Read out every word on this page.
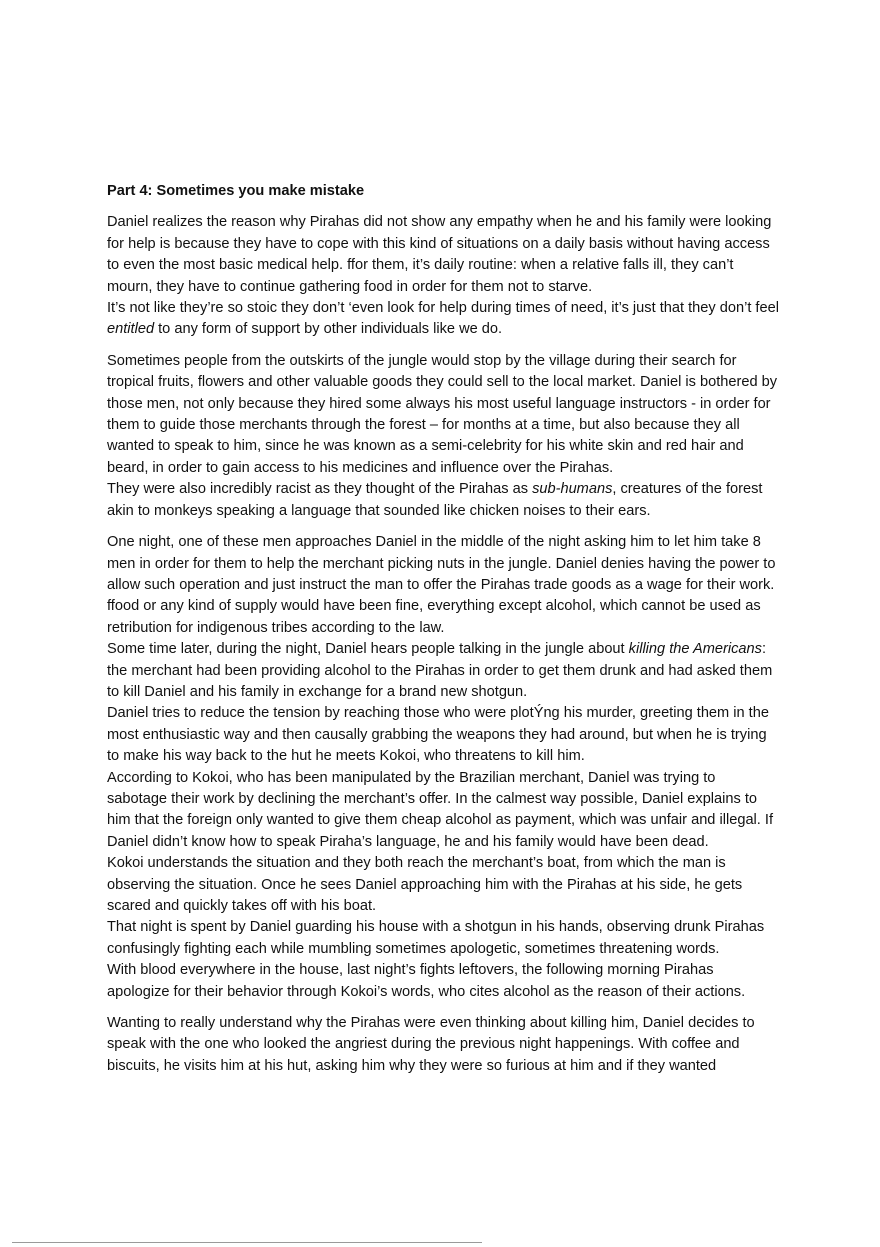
Part 4: Sometimes you make mistake

Daniel realizes the reason why Pirahas did not show any empathy when he and his family were looking for help is because they have to cope with this kind of situations on a daily basis without having access to even the most basic medical help. ffor them, it’s daily routine: when a relative falls ill, they can’t mourn, they have to continue gathering food in order for them not to starve.
It’s not like they’re so stoic they don’t ‘even look for help during times of need, it’s just that they don’t feel entitled to any form of support by other individuals like we do.

Sometimes people from the outskirts of the jungle would stop by the village during their search for tropical fruits, flowers and other valuable goods they could sell to the local market. Daniel is bothered by those men, not only because they hired some always his most useful language instructors - in order for them to guide those merchants through the forest – for months at a time, but also because they all wanted to speak to him, since he was known as a semi-celebrity for his white skin and red hair and beard, in order to gain access to his medicines and influence over the Pirahas.
They were also incredibly racist as they thought of the Pirahas as sub-humans, creatures of the forest akin to monkeys speaking a language that sounded like chicken noises to their ears.

One night, one of these men approaches Daniel in the middle of the night asking him to let him take 8 men in order for them to help the merchant picking nuts in the jungle. Daniel denies having the power to allow such operation and just instruct the man to offer the Pirahas trade goods as a wage for their work. ffood or any kind of supply would have been fine, everything except alcohol, which cannot be used as retribution for indigenous tribes according to the law.
Some time later, during the night, Daniel hears people talking in the jungle about killing the Americans: the merchant had been providing alcohol to the Pirahas in order to get them drunk and had asked them to kill Daniel and his family in exchange for a brand new shotgun.
Daniel tries to reduce the tension by reaching those who were plotÝng his murder, greeting them in the most enthusiastic way and then causally grabbing the weapons they had around, but when he is trying to make his way back to the hut he meets Kokoi, who threatens to kill him.
According to Kokoi, who has been manipulated by the Brazilian merchant, Daniel was trying to sabotage their work by declining the merchant’s offer. In the calmest way possible, Daniel explains to him that the foreign only wanted to give them cheap alcohol as payment, which was unfair and illegal. If Daniel didn’t know how to speak Piraha’s language, he and his family would have been dead.
Kokoi understands the situation and they both reach the merchant’s boat, from which the man is observing the situation. Once he sees Daniel approaching him with the Pirahas at his side, he gets scared and quickly takes off with his boat.
That night is spent by Daniel guarding his house with a shotgun in his hands, observing drunk Pirahas confusingly fighting each while mumbling sometimes apologetic, sometimes threatening words.
With blood everywhere in the house, last night’s fights leftovers, the following morning Pirahas apologize for their behavior through Kokoi’s words, who cites alcohol as the reason of their actions.

Wanting to really understand why the Pirahas were even thinking about killing him, Daniel decides to speak with the one who looked the angriest during the previous night happenings. With coffee and biscuits, he visits him at his hut, asking him why they were so furious at him and if they wanted
